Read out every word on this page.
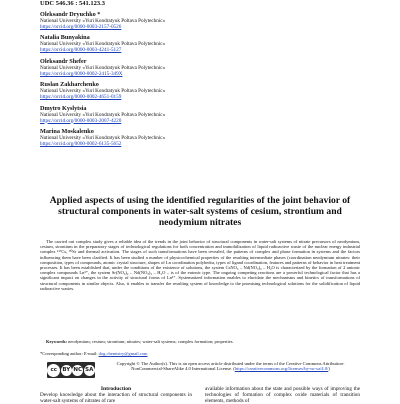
UDC 546.36 : 541.123.3
Oleksandr Dryuchko *
National University «Yuri Kondratyuk Poltava Polytechnic»
https://orcid.org/0000-0003-2157-0526
Natalia Bunyakina
National University «Yuri Kondratyuk Poltava Polytechnic»
https://orcid.org/0000-0003-4241-5127
Oleksandr Shefer
National University «Yuri Kondratyuk Poltava Polytechnic»
https://orcid.org/0000-0002-2415-349X
Ruslan Zakharchenko
National University «Yuri Kondratyuk Poltava Polytechnic»
https://orcid.org/0000-0002-4651-0159
Dmytro Kyslytsia
National University «Yuri Kondratyuk Poltava Polytechnic»
https://orcid.org/0000-0003-2007-4220
Marina Moskalenko
National University «Yuri Kondratyuk Poltava Polytechnic»
https://orcid.org/0000-0002-6135-5652
Applied aspects of using the identified regularities of the joint behavior of structural components in water-salt systems of cesium, strontium and neodymium nitrates

The carried out complex study gives a reliable idea of the trends in the joint behavior of structural components in water-salt systems of nitrate precursors of neodymium, cesium, strontium in the preparatory stages of technological regulations for both concentration and immobilization of liquid radioactive waste of the nuclear energy industrial complex ¹³⁷Cs, ⁹⁰Sr and thermal activation. The stages of such transformations have been revealed, the patterns of complex and phase formation in systems and the factors influencing them have been clarified. It has been studied a number of physicochemical properties of the resulting intermediate phases (coordination neodymium nitrates: their composition, types of compounds, atomic crystal structure, shapes of Ln coordination polyhedra, types of ligand coordination, features and patterns of behavior in heat treatment processes. It has been established that, under the conditions of the existence of solutions, the system CsNO₃ – Nd(NO₃)₃ – H₂O is characterized by the formation of 2 anionic complex compounds Ln³⁺, the system Sr(NO₃)₂ – Nd(NO₃)₃ – H₂O – is of the eutonic type. The ongoing competing reactions are a powerful technological factor that has a significant impact on changes in the activity of structural forms of Ln³⁺. Systematized information enables to elucidate the mechanisms and kinetics of transformations of structural components in similar objects. Also, it enables to transfer the resulting system of knowledge to the promising technological solutions for the solidification of liquid radioactive wastes.

Keywords: neodymium; cesium; strontium; nitrates; water-salt systems; complex formation; properties.
*Corresponding author: E-mail: dog.chemistry@gmail.com
cc BY NC SA
Copyright © The Author(s). This is an open access article distributed under the terms of the Creative Commons Attribution-NonCommercial-ShareAlike 4.0 International License. (https://creativecommons.org/licenses/by-nc-sa/4.0/)
Introduction

Develop knowledge about the interaction of structural components in water-salt systems of nitrates of rare

available information about the state and possible ways of improving the technologies of formation of complex oxide materials of transition elements, methods of
